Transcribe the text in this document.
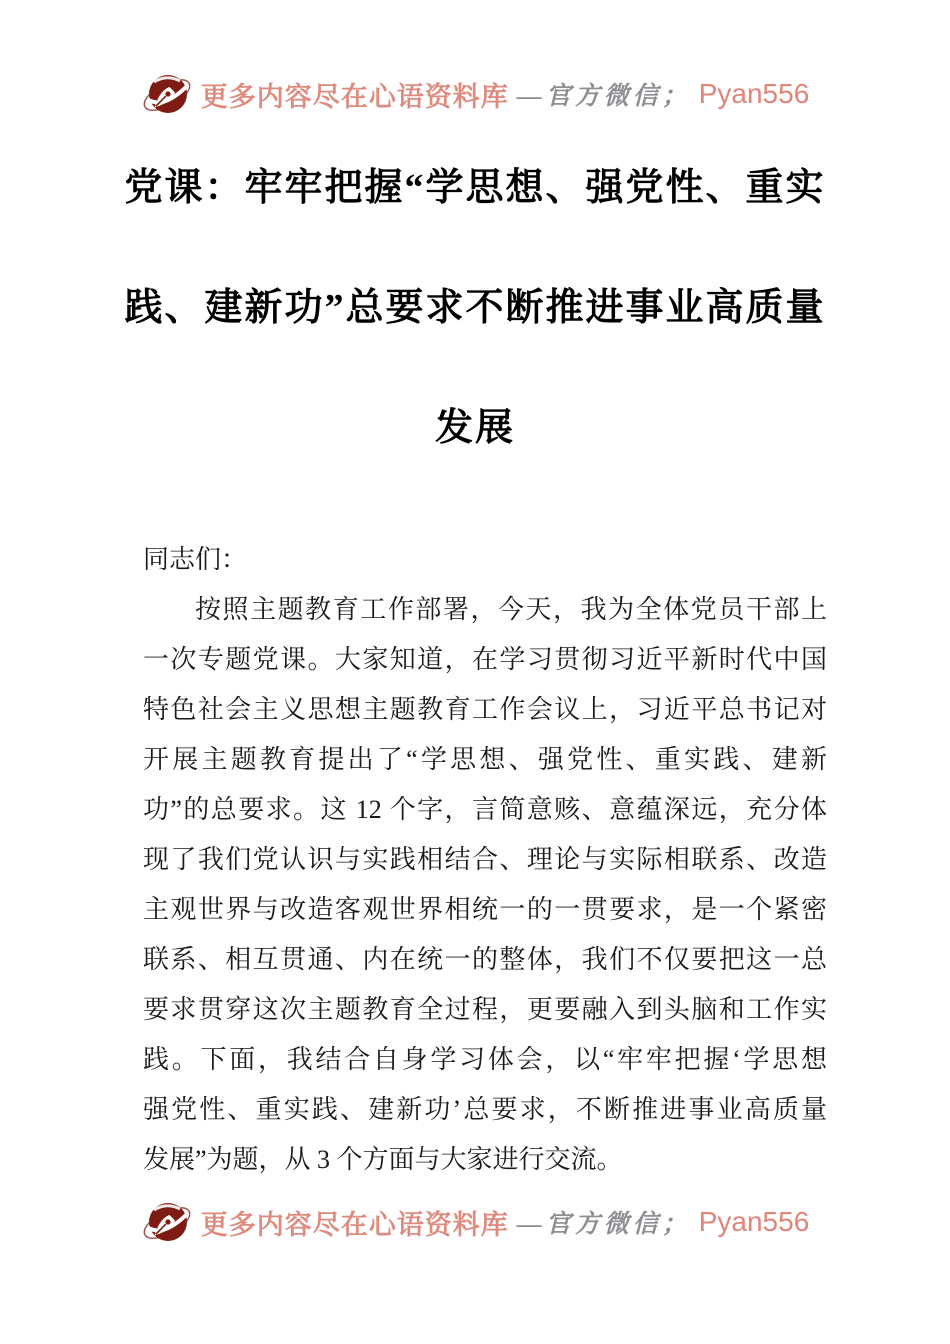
更多内容尽在心语资料库 —官方微信； Pyan556
党课：牢牢把握“学思想、强党性、重实
践、建新功”总要求不断推进事业高质量
发展
同志们：
按照主题教育工作部署，今天，我为全体党员干部上
一次专题党课。大家知道，在学习贯彻习近平新时代中国
特色社会主义思想主题教育工作会议上，习近平总书记对
开展主题教育提出了“学思想、强党性、重实践、建新
功”的总要求。这 12 个字，言简意赅、意蕴深远，充分体
现了我们党认识与实践相结合、理论与实际相联系、改造
主观世界与改造客观世界相统一的一贯要求，是一个紧密
联系、相互贯通、内在统一的整体，我们不仅要把这一总
要求贯穿这次主题教育全过程，更要融入到头脑和工作实
践。下面，我结合自身学习体会，以“牢牢把握‘学思想
强党性、重实践、建新功’总要求，不断推进事业高质量
发展”为题，从 3 个方面与大家进行交流。
更多内容尽在心语资料库 —官方微信； Pyan556
